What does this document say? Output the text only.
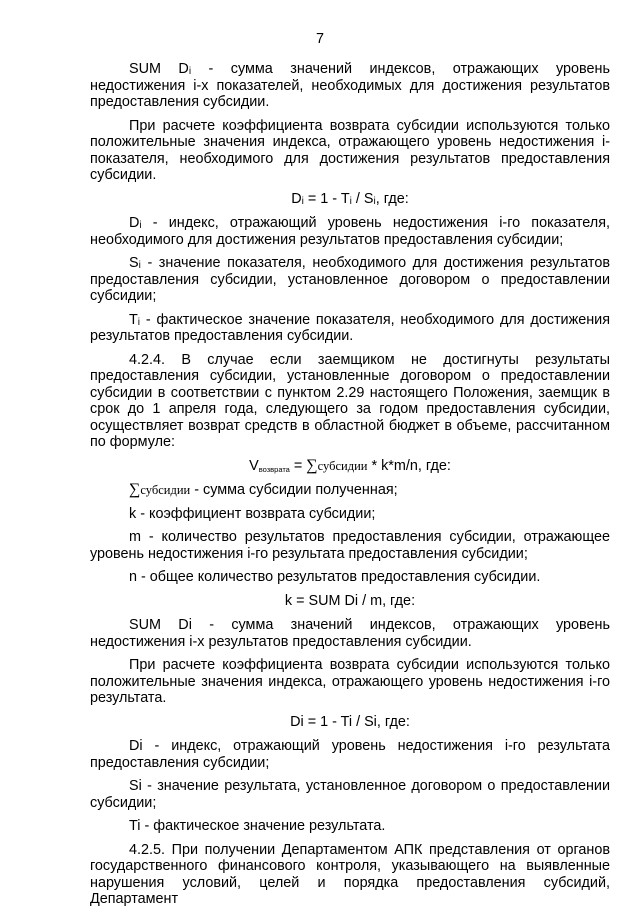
7

SUM Dᵢ - сумма значений индексов, отражающих уровень недостижения i-х показателей, необходимых для достижения результатов предоставления субсидии.

При расчете коэффициента возврата субсидии используются только положительные значения индекса, отражающего уровень недостижения i-показателя, необходимого для достижения результатов предоставления субсидии.

Dᵢ = 1 - Tᵢ / Sᵢ, где:

Dᵢ - индекс, отражающий уровень недостижения i-го показателя, необходимого для достижения результатов предоставления субсидии;

Sᵢ - значение показателя, необходимого для достижения результатов предоставления субсидии, установленное договором о предоставлении субсидии;

Tᵢ - фактическое значение показателя, необходимого для достижения результатов предоставления субсидии.

4.2.4. В случае если заемщиком не достигнуты результаты предоставления субсидии, установленные договором о предоставлении субсидии в соответствии с пунктом 2.29 настоящего Положения, заемщик в срок до 1 апреля года, следующего за годом предоставления субсидии, осуществляет возврат средств в областной бюджет в объеме, рассчитанном по формуле:

Vвозврата = ∑субсидии * k*m/n, где:

∑субсидии - сумма субсидии полученная;

k - коэффициент возврата субсидии;

m - количество результатов предоставления субсидии, отражающее уровень недостижения i-го результата предоставления субсидии;

n - общее количество результатов предоставления субсидии.

k = SUM Di / m, где:

SUM Di - сумма значений индексов, отражающих уровень недостижения i-х результатов предоставления субсидии.

При расчете коэффициента возврата субсидии используются только положительные значения индекса, отражающего уровень недостижения i-го результата.

Di = 1 - Ti / Si, где:

Di - индекс, отражающий уровень недостижения i-го результата предоставления субсидии;

Si - значение результата, установленное договором о предоставлении субсидии;

Ti - фактическое значение результата.

4.2.5. При получении Департаментом АПК представления от органов государственного финансового контроля, указывающего на выявленные нарушения условий, целей и порядка предоставления субсидий, Департамент
